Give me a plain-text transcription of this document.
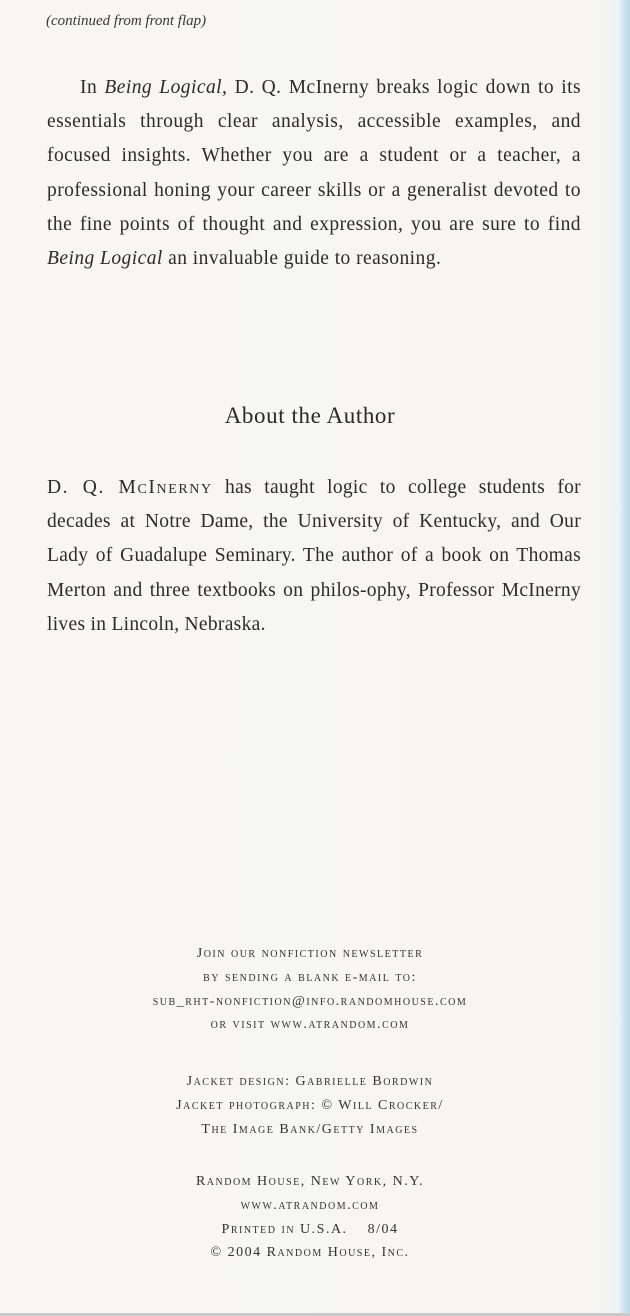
(continued from front flap)

In Being Logical, D. Q. McInerny breaks logic down to its essentials through clear analysis, accessible examples, and focused insights. Whether you are a student or a teacher, a professional honing your career skills or a generalist devoted to the fine points of thought and expression, you are sure to find Being Logical an invaluable guide to reasoning.

About the Author

D. Q. McInerny has taught logic to college students for decades at Notre Dame, the University of Kentucky, and Our Lady of Guadalupe Seminary. The author of a book on Thomas Merton and three textbooks on philos-ophy, Professor McInerny lives in Lincoln, Nebraska.

Join our nonfiction newsletter
by sending a blank e-mail to:
sub_rht-nonfiction@info.randomhouse.com
or visit www.atrandom.com
Jacket design: Gabrielle Bordwin
Jacket photograph: © Will Crocker/
The Image Bank/Getty Images
Random House, New York, N.Y.
www.atrandom.com
Printed in U.S.A. 8/04
© 2004 Random House, Inc.
